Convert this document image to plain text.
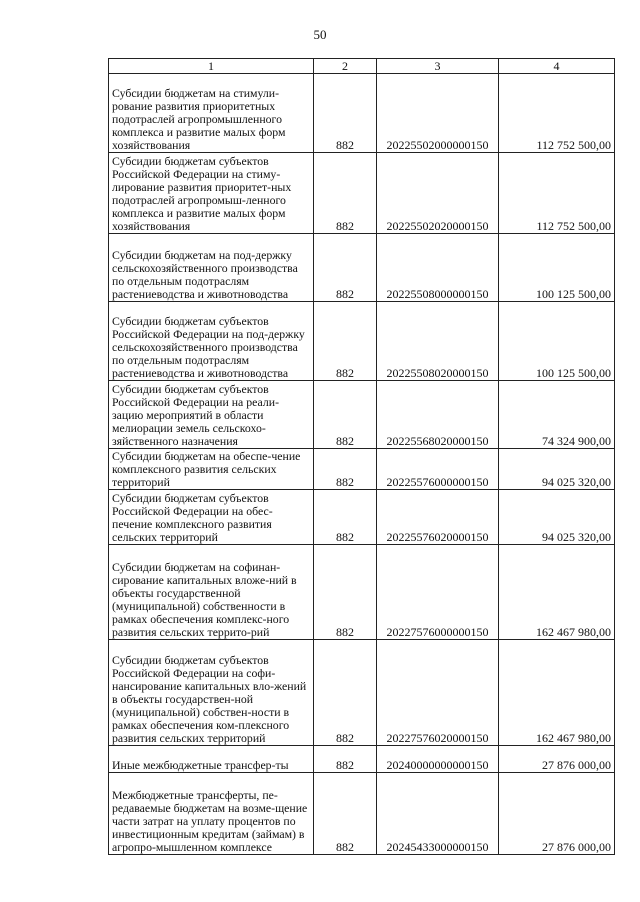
50
1	2	3	4
Субсидии бюджетам на стимули-рование развития приоритетных подотраслей агропромышленного комплекса и развитие малых форм хозяйствования	882	20225502000000150	112 752 500,00
Субсидии бюджетам субъектов Российской Федерации на стиму-лирование развития приоритет-ных подотраслей агропромыш-ленного комплекса и развитие малых форм хозяйствования	882	20225502020000150	112 752 500,00
Субсидии бюджетам на под-держку сельскохозяйственного производства по отдельным подотраслям растениеводства и животноводства	882	20225508000000150	100 125 500,00
Субсидии бюджетам субъектов Российской Федерации на под-держку сельскохозяйственного производства по отдельным подотраслям растениеводства и животноводства	882	20225508020000150	100 125 500,00
Субсидии бюджетам субъектов Российской Федерации на реали-зацию мероприятий в области мелиорации земель сельскохо-зяйственного назначения	882	20225568020000150	74 324 900,00
Субсидии бюджетам на обеспе-чение комплексного развития сельских территорий	882	20225576000000150	94 025 320,00
Субсидии бюджетам субъектов Российской Федерации на обес-печение комплексного развития сельских территорий	882	20225576020000150	94 025 320,00
Субсидии бюджетам на софинан-сирование капитальных вложе-ний в объекты государственной (муниципальной) собственности в рамках обеспечения комплекс-ного развития сельских террито-рий	882	20227576000000150	162 467 980,00
Субсидии бюджетам субъектов Российской Федерации на софи-нансирование капитальных вло-жений в объекты государствен-ной (муниципальной) собствен-ности в рамках обеспечения ком-плексного развития сельских территорий	882	20227576020000150	162 467 980,00
Иные межбюджетные трансфер-ты	882	20240000000000150	27 876 000,00
Межбюджетные трансферты, пе-редаваемые бюджетам на возме-щение части затрат на уплату процентов по инвестиционным кредитам (займам) в агропро-мышленном комплексе	882	20245433000000150	27 876 000,00
